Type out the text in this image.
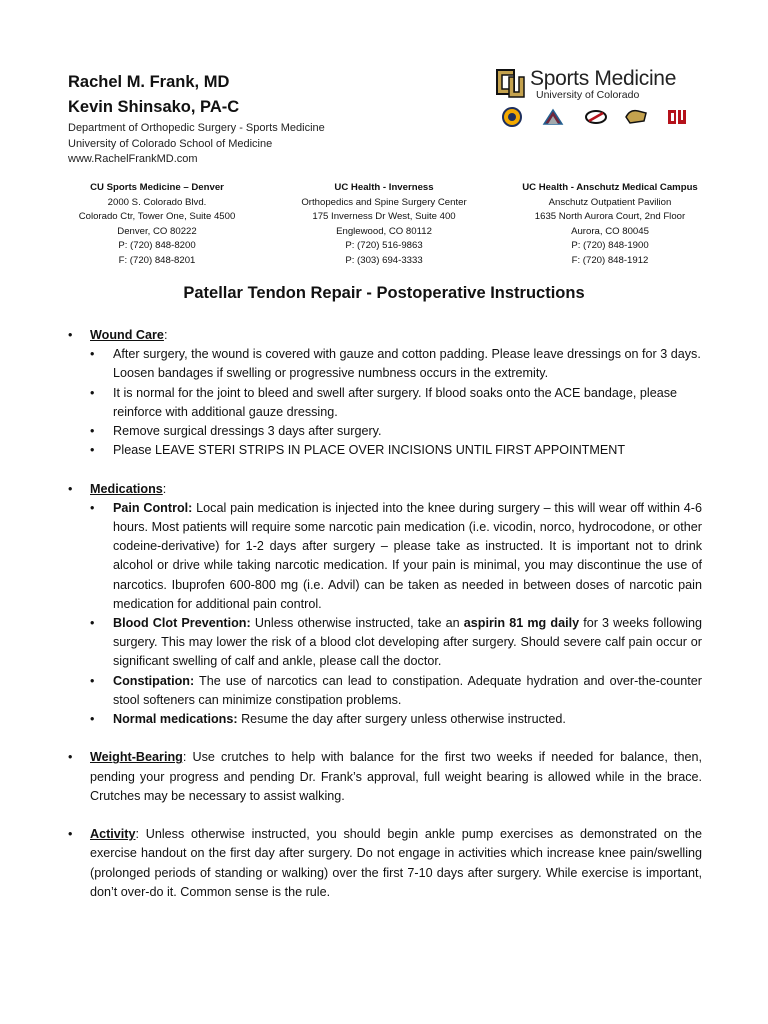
Rachel M. Frank, MD
Kevin Shinsako, PA-C
Department of Orthopedic Surgery - Sports Medicine
University of Colorado School of Medicine
www.RachelFrankMD.com
Sports Medicine
University of Colorado
CU Sports Medicine – Denver
2000 S. Colorado Blvd.
Colorado Ctr, Tower One, Suite 4500
Denver, CO 80222
P: (720) 848-8200
F: (720) 848-8201
UC Health - Inverness
Orthopedics and Spine Surgery Center
175 Inverness Dr West, Suite 400
Englewood, CO 80112
P: (720) 516-9863
P: (303) 694-3333
UC Health - Anschutz Medical Campus
Anschutz Outpatient Pavilion
1635 North Aurora Court, 2nd Floor
Aurora, CO 80045
P: (720) 848-1900
F: (720) 848-1912
Patellar Tendon Repair - Postoperative Instructions
• Wound Care:
• After surgery, the wound is covered with gauze and cotton padding. Please leave dressings on for 3 days. Loosen bandages if swelling or progressive numbness occurs in the extremity.
• It is normal for the joint to bleed and swell after surgery. If blood soaks onto the ACE bandage, please reinforce with additional gauze dressing.
• Remove surgical dressings 3 days after surgery.
• Please LEAVE STERI STRIPS IN PLACE OVER INCISIONS UNTIL FIRST APPOINTMENT
• Medications:
• Pain Control: Local pain medication is injected into the knee during surgery – this will wear off within 4-6 hours. Most patients will require some narcotic pain medication (i.e. vicodin, norco, hydrocodone, or other codeine-derivative) for 1-2 days after surgery – please take as instructed. It is important not to drink alcohol or drive while taking narcotic medication. If your pain is minimal, you may discontinue the use of narcotics. Ibuprofen 600-800 mg (i.e. Advil) can be taken as needed in between doses of narcotic pain medication for additional pain control.
• Blood Clot Prevention: Unless otherwise instructed, take an aspirin 81 mg daily for 3 weeks following surgery. This may lower the risk of a blood clot developing after surgery. Should severe calf pain occur or significant swelling of calf and ankle, please call the doctor.
• Constipation: The use of narcotics can lead to constipation. Adequate hydration and over-the-counter stool softeners can minimize constipation problems.
• Normal medications: Resume the day after surgery unless otherwise instructed.
• Weight-Bearing: Use crutches to help with balance for the first two weeks if needed for balance, then, pending your progress and pending Dr. Frank’s approval, full weight bearing is allowed while in the brace. Crutches may be necessary to assist walking.
• Activity: Unless otherwise instructed, you should begin ankle pump exercises as demonstrated on the exercise handout on the first day after surgery. Do not engage in activities which increase knee pain/swelling (prolonged periods of standing or walking) over the first 7-10 days after surgery. While exercise is important, don’t over-do it. Common sense is the rule.
